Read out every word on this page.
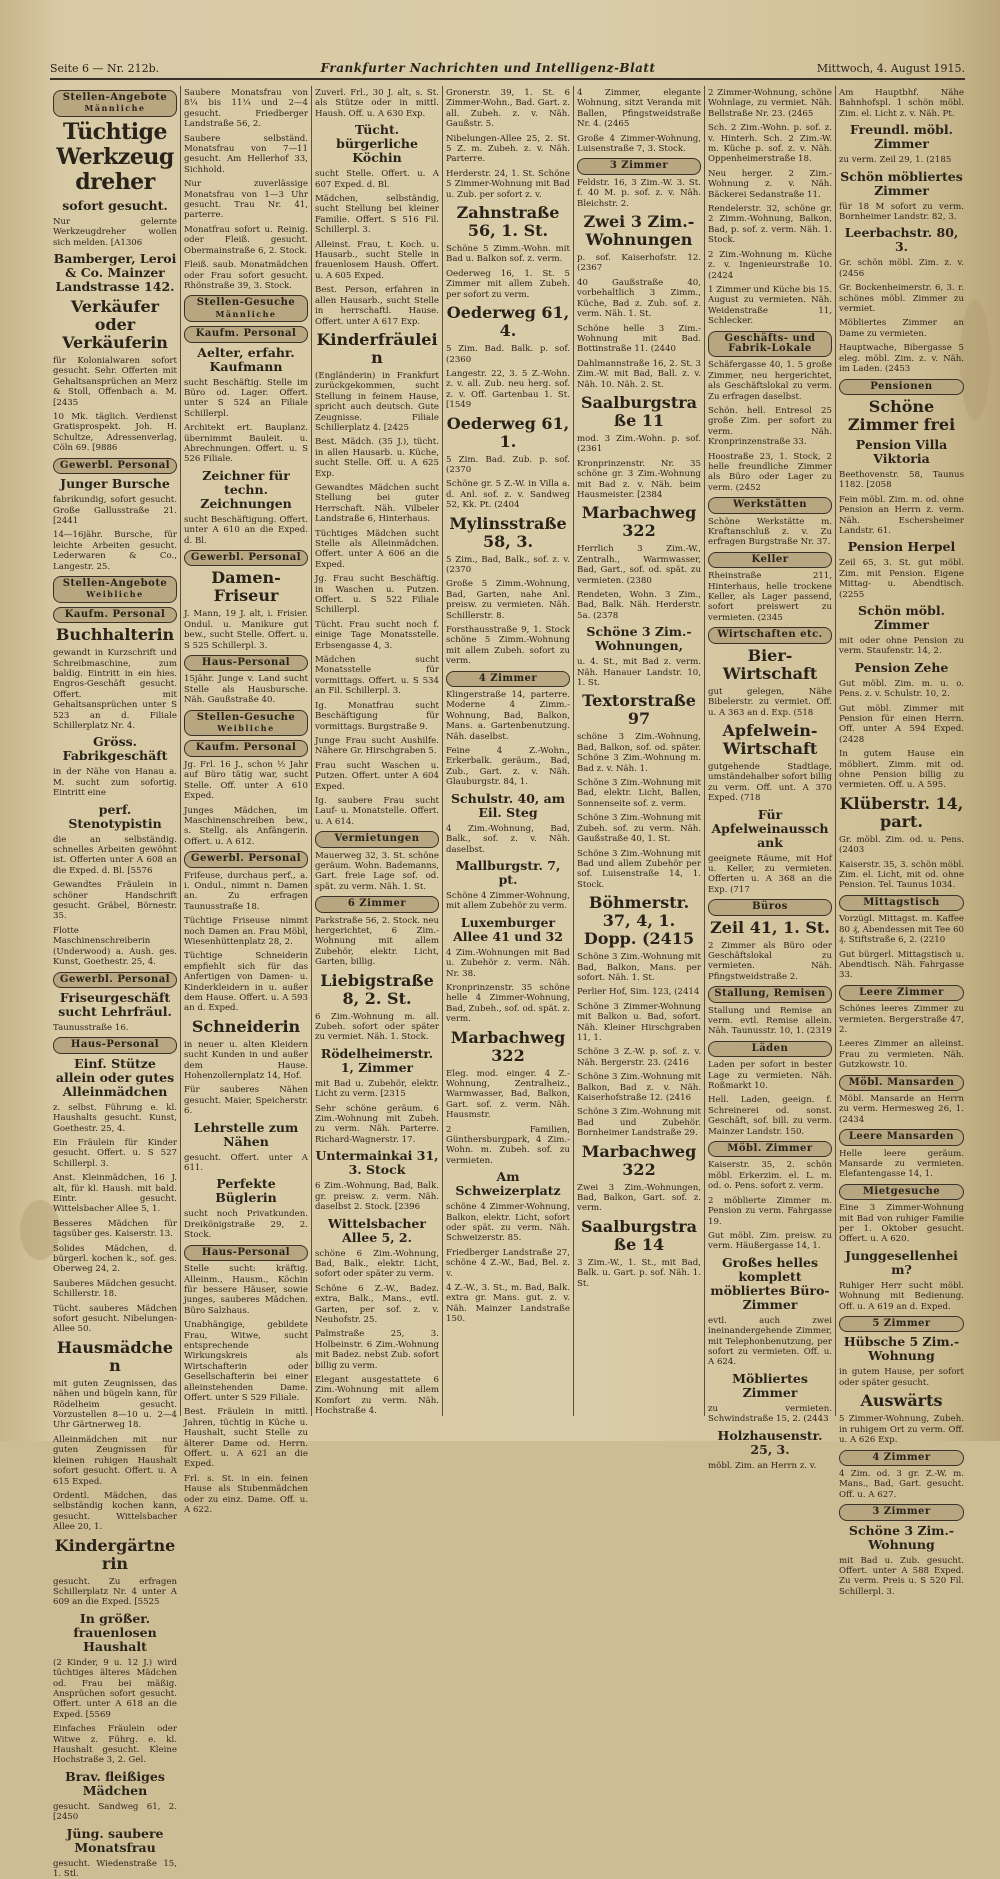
Seite 6 — Nr. 212b.	Frankfurter Nachrichten und Intelligenz-Blatt	Mittwoch, 4. August 1915.
Stellen-Angebote
Männliche
Tüchtige Werkzeugdreher
sofort gesucht.
Nur gelernte Werkzeugdreher wollen sich melden. [A1306
Bamberger, Leroi & Co. Mainzer Landstrasse 142.
Verkäufer oder Verkäuferin
für Kolonialwaren sofort gesucht. Sehr. Offerten mit Gehaltsansprüchen an Merz & Stoll, Offenbach a. M. [2435
10 Mk. täglich. Verdienst Gratisprospekt. Joh. H. Schultze, Adressenverlag, Cöln 69. [9886
Gewerbl. Personal
Junger Bursche
fabrikundig, sofort gesucht. Große Gallusstraße 21. [2441
14—16jähr. Bursche, für leichte Arbeiten gesucht. Lederwaren & Co., Langestr. 25.
Stellen-Angebote
Weibliche
Kaufm. Personal
Buchhalterin
gewandt in Kurzschrift und Schreibmaschine, zum baldig. Eintritt in ein hies. Engros-Geschäft gesucht. Offert. mit Gehaltsansprüchen unter S 523 an d. Filiale Schillerplatz Nr. 4.
Gröss. Fabrikgeschäft
in der Nähe von Hanau a. M. sucht zum sofortig. Eintritt eine
perf. Stenotypistin
die an selbständig. schnelles Arbeiten gewöhnt ist. Offerten unter A 608 an die Exped. d. Bl. [5576
Gewandtes Fräulein in schöner Handschrift gesucht. Gräbel, Börnestr. 35.
Flotte Maschinenschreiberin (Underwood) a. Aush. ges. Kunst, Goethestr. 25, 4.
Gewerbl. Personal
Friseurgeschäft sucht Lehrfräul.
Taunusstraße 16.
Haus-Personal
Einf. Stütze allein oder gutes Alleinmädchen
z. selbst. Führung e. kl. Haushalts gesucht. Kunst, Goethestr. 25, 4.
Ein Fräulein für Kinder gesucht. Offert. u. S 527 Schillerpl. 3.
Anst. Kleinmädchen, 16 J. alt, für kl. Haush. mit bald. Eintr. gesucht. Wittelsbacher Allee 5, 1.
Besseres Mädchen für tagsüber ges. Kaiserstr. 13.
Solides Mädchen, d. bürgerl. kochen k., sof. ges. Oberweg 24, 2.
Sauberes Mädchen gesucht. Schillerstr. 18.
Tücht. sauberes Mädchen sofort gesucht. Nibelungen-Allee 50.
Hausmädchen
mit guten Zeugnissen, das nähen und bügeln kann, für Rödelheim gesucht. Vorzustellen 8—10 u. 2—4 Uhr Gärtnerweg 18.
Alleinmädchen mit nur guten Zeugnissen für kleinen ruhigen Haushalt sofort gesucht. Offert. u. A 615 Exped.
Ordentl. Mädchen, das selbständig kochen kann, gesucht. Wittelsbacher Allee 20, 1.
Kindergärtnerin
gesucht. Zu erfragen Schillerplatz Nr. 4 unter A 609 an die Exped. [5525
In größer. frauenlosen Haushalt
(2 Kinder, 9 u. 12 J.) wird tüchtiges älteres Mädchen od. Frau bei mäßig. Ansprüchen sofort gesucht. Offert. unter A 618 an die Exped. [5569
Einfaches Fräulein oder Witwe z. Führg. e. kl. Haushalt gesucht. Kleine Hochstraße 3, 2. Gel.
Brav. fleißiges Mädchen
gesucht. Sandweg 61, 2. [2450
Jüng. saubere Monatsfrau
gesucht. Wiedenstraße 15, 1. Stl.
Saubere Monatsfrau von 8¼ bis 11¼ und 2—4 gesucht. Friedberger Landstraße 56, 2.
Saubere selbständ. Monatsfrau von 7—11 gesucht. Am Hellerhof 33, Sichhold.
Nur zuverlässige Monatsfrau von 1—3 Uhr gesucht. Trau Nr. 41, parterre.
Monatfrau sofort u. Reinig. oder Fleiß. gesucht. Obermainstraße 6, 2. Stock.
Fleiß. saub. Monatmädchen oder Frau sofort gesucht. Rhönstraße 39, 3. Stock.
Stellen-Gesuche
Männliche
Kaufm. Personal
Aelter, erfahr. Kaufmann
sucht Beschäftig. Stelle im Büro od. Lager. Offert. unter S 524 an Filiale Schillerpl.
Architekt ert. Bauplanz. übernimmt Bauleit. u. Abrechnungen. Offert. u. S 526 Filiale.
Zeichner für techn. Zeichnungen
sucht Beschäftigung. Offert. unter A 610 an die Exped. d. Bl.
Gewerbl. Personal
Damen-Friseur
J. Mann, 19 J. alt, i. Frisier. Ondul. u. Manikure gut bew., sucht Stelle. Offert. u. S 525 Schillerpl. 3.
Haus-Personal
15jähr. Junge v. Land sucht Stelle als Hausbursche. Näh. Gaußstraße 40.
Stellen-Gesuche
Weibliche
Kaufm. Personal
Jg. Frl. 16 J., schon ½ Jahr auf Büro tätig war, sucht Stelle. Off. unter A 610 Exped.
Junges Mädchen, im Maschinenschreiben bew., s. Stellg. als Anfängerin. Offert. u. A 612.
Gewerbl. Personal
Frifeuse, durchaus perf., a. i. Ondul., nimmt n. Damen an. Zu erfragen Taunusstraße 18.
Tüchtige Friseuse nimmt noch Damen an. Frau Möbl, Wiesenhüttenplatz 28, 2.
Tüchtige Schneiderin empfiehlt sich für das Anfertigen von Damen- u. Kinderkleidern in u. außer dem Hause. Offert. u. A 593 an d. Exped.
Schneiderin
in neuer u. alten Kleidern sucht Kunden in und außer dem Hause. Hohenzollernplatz 14, Hof.
Für sauberes Nähen gesucht. Maier, Speicherstr. 6.
Lehrstelle zum Nähen
gesucht. Offert. unter A 611.
Perfekte Büglerin
sucht noch Privatkunden. Dreikönigstraße 29, 2. Stock.
Haus-Personal
Stelle sucht: kräftig. Alleinm., Hausm., Köchin für bessere Häuser, sowie junges, sauberes Mädchen. Büro Salzhaus.
Unabhängige, gebildete Frau, Witwe, sucht entsprechende Wirkungskreis als Wirtschafterin oder Gesellschafterin bei einer alleinstehenden Dame. Offert. unter S 529 Filiale.
Best. Fräulein in mittl. Jahren, tüchtig in Küche u. Haushalt, sucht Stelle zu älterer Dame od. Herrn. Offert. u. A 621 an die Exped.
Frl. s. St. in ein. feinen Hause als Stubenmädchen oder zu einz. Dame. Off. u. A 622.
Zuverl. Frl., 30 J. alt, s. St. als Stütze oder in mittl. Haush. Off. u. A 630 Exp.
Tücht. bürgerliche Köchin
sucht Stelle. Offert. u. A 607 Exped. d. Bl.
Mädchen, selbständig, sucht Stellung bei kleiner Familie. Offert. S 516 Fil. Schillerpl. 3.
Alleinst. Frau, t. Koch. u. Hausarb., sucht Stelle in frauenlosem Haush. Offert. u. A 605 Exped.
Best. Person, erfahren in allen Hausarb., sucht Stelle in herrschaftl. Hause. Offert. unter A 617 Exp.
Kinderfräulein
(Engländerin) in Frankfurt zurückgekommen, sucht Stellung in feinem Hause, spricht auch deutsch. Gute Zeugnisse. Filiale Schillerplatz 4. [2425
Best. Mädch. (35 J.), tücht. in allen Hausarb. u. Küche, sucht Stelle. Off. u. A 625 Exp.
Gewandtes Mädchen sucht Stellung bei guter Herrschaft. Näh. Vilbeler Landstraße 6, Hinterhaus.
Tüchtiges Mädchen sucht Stelle als Alleinmädchen. Offert. unter A 606 an die Exped.
Jg. Frau sucht Beschäftig. in Waschen u. Putzen. Offert. u. S 522 Filiale Schillerpl.
Tücht. Frau sucht noch f. einige Tage Monatsstelle. Erbsengasse 4, 3.
Mädchen sucht Monatsstelle für vormittags. Offert. u. S 534 an Fil. Schillerpl. 3.
Ig. Monatfrau sucht Beschäftigung für vormittags. Burgstraße 9.
Junge Frau sucht Aushilfe. Nähere Gr. Hirschgraben 5.
Frau sucht Waschen u. Putzen. Offert. unter A 604 Exped.
Ig. saubere Frau sucht Lauf- u. Monatstelle. Offert. u. A 614.
Vermietungen
Mauerweg 32, 3. St. schöne geräum. Wohn. Bademanns, Gart. freie Lage sof. od. spät. zu verm. Näh. 1. St.
6 Zimmer
Parkstraße 56, 2. Stock. neu hergerichtet, 6 Zim.-Wohnung mit allem Zubehör, elektr. Licht, Garten, billig.
Liebigstraße 8, 2. St.
6 Zim.-Wohnung m. all. Zubeh. sofort oder später zu vermiet. Näh. 1. Stock.
Rödelheimerstr. 1, Zimmer
mit Bad u. Zubehör, elektr. Licht zu verm. [2315
Sehr schöne geräum. 6 Zim.-Wohnung mit Zubeh. zu verm. Näh. Parterre. Richard-Wagnerstr. 17.
Untermainkai 31, 3. Stock
6 Zim.-Wohnung, Bad, Balk. gr. preisw. z. verm. Näh. daselbst 2. Stock. [2396
Wittelsbacher Allee 5, 2.
schöne 6 Zim.-Wohnung, Bad, Balk., elektr. Licht, sofort oder später zu verm.
Schöne 6 Z.-W., Badez. extra, Balk., Mans., evtl. Garten, per sof. z. v. Neuhofstr. 25.
Palmstraße 25, 3. Holbeinstr. 6 Zim.-Wohnung mit Badez. nebst Zub. sofort billig zu verm.
Elegant ausgestattete 6 Zim.-Wohnung mit allem Komfort zu verm. Näh. Hochstraße 4.
Gronerstr. 39, 1. St. 6 Zimmer-Wohn., Bad. Gart. z. all. Zubeh. z. v. Näh. Gaußstr. 5.
Nibelungen-Allee 25, 2. St. 5 Z. m. Zubeh. z. v. Näh. Parterre.
Herderstr. 24, 1. St. Schöne 5 Zimmer-Wohnung mit Bad u. Zub. per sofort z. v.
Zahnstraße 56, 1. St.
Schöne 5 Zimm.-Wohn. mit Bad u. Balkon sof. z. verm.
Oederweg 16, 1. St. 5 Zimmer mit allem Zubeh. per sofort zu verm.
Oederweg 61, 4.
5 Zim. Bad. Balk. p. sof. (2360
Langestr. 22, 3. 5 Z.-Wohn. z. v. all. Zub. neu herg. sof. z. v. Off. Gartenbau 1. St. [1549
Oederweg 61, 1.
5 Zim. Bad. Zub. p. sof. (2370
Schöne gr. 5 Z.-W. in Villa a. d. Anl. sof. z. v. Sandweg 52, Kk. Pt. (2404
Mylinsstraße 58, 3.
5 Zim., Bad, Balk., sof. z. v. (2370
Große 5 Zimm.-Wohnung, Bad, Garten, nahe Anl. preisw. zu vermieten. Näh. Schillerstr. 8.
Forsthausstraße 9, 1. Stock schöne 5 Zimm.-Wohnung mit allem Zubeh. sofort zu verm.
4 Zimmer
Klingerstraße 14, parterre. Moderne 4 Zimm.-Wohnung, Bad, Balkon, Mans. a. Gartenbenutzung. Näh. daselbst.
Feine 4 Z.-Wohn., Erkerbalk. geräum., Bad, Zub., Gart. z. v. Näh. Glauburgstr. 84, 1.
Schulstr. 40, am Eil. Steg
4 Zim.-Wohnung, Bad, Balk., sof. z. v. Näh. daselbst.
Mallburgstr. 7, pt.
Schöne 4 Zimmer-Wohnung, mit allem Zubehör zu verm.
Luxemburger Allee 41 und 32
4 Zim.-Wohnungen mit Bad u. Zubehör z. verm. Näh. Nr. 38.
Kronprinzenstr. 35 schöne helle 4 Zimmer-Wohnung, Bad, Zubeh., sof. od. spät. z. verm.
Marbachweg 322
Eleg. mod. einger. 4 Z.-Wohnung, Zentralheiz., Warmwasser, Bad, Balkon, Gart. sof. z. verm. Näh. Hausmstr.
2 Familien, Günthersburgpark, 4 Zim.-Wohn. m. Zubeh. sof. zu vermieten.
Am Schweizerplatz
schöne 4 Zimmer-Wohnung, Balkon, elektr. Licht, sofort oder spät. zu verm. Näh. Schweizerstr. 85.
Friedberger Landstraße 27, schöne 4 Z.-W., Bad, Bel. z. v.
4 Z.-W., 3. St., m. Bad, Balk. extra gr. Mans. gut. z. v. Näh. Mainzer Landstraße 150.
4 Zimmer, elegante Wohnung, sitzt Veranda mit Ballen, Pfingstweidstraße Nr. 4. (2465
Große 4 Zimmer-Wohnung, Luisenstraße 7, 3. Stock.
3 Zimmer
Feldstr. 16, 3 Zim.-W. 3. St. f. 40 M. p. sof. z. v. Näh. Bleichstr. 2.
Zwei 3 Zim.-Wohnungen
p. sof. Kaiserhofstr. 12. (2367
40 Gaußstraße 40, vorbehaltlich 3 Zimm., Küche, Bad z. Zub. sof. z. verm. Näh. 1. St.
Schöne helle 3 Zim.-Wohnung mit Bad. Bottinstraße 11. (2440
Dahlmannstraße 16, 2. St. 3 Zim.-W. mit Bad, Ball. z. v. Näh. 10. Näh. 2. St.
Saalburgstraße 11
mod. 3 Zim.-Wohn. p. sof. (2361
Kronprinzenstr. Nr. 35 schöne gr. 3 Zim.-Wohnung mit Bad z. v. Näh. beim Hausmeister. [2384
Marbachweg 322
Herrlich 3 Zim.-W., Zentralh., Warmwasser, Bad, Gart., sof. od. spät. zu vermieten. (2380
Rendeten, Wohn. 3 Zim., Bad, Balk. Näh. Herderstr. 5a. (2378
Schöne 3 Zim.-Wohnungen,
u. 4. St., mit Bad z. verm. Näh. Hanauer Landstr. 10, 1. St.
Textorstraße 97
schöne 3 Zim.-Wohnung, Bad, Balkon, sof. od. später. Schöne 3 Zim.-Wohnung m. Bad z. v. Näh. 1.
Schöne 3 Zim.-Wohnung mit Bad, elektr. Licht, Ballen, Sonnenseite sof. z. verm.
Schöne 3 Zim.-Wohnung mit Zubeh. sof. zu verm. Näh. Gaußstraße 40, 1. St.
Schöne 3 Zim.-Wohnung mit Bad und allem Zubehör per sof. Luisenstraße 14, 1. Stock.
Böhmerstr. 37, 4, 1. Dopp. (2415
Schöne 3 Zim.-Wohnung mit Bad, Balkon, Mans. per sofort. Näh. 1. St.
Perlier Hof, Sim. 123, (2414
Schöne 3 Zimmer-Wohnung mit Balkon u. Bad, sofort. Näh. Kleiner Hirschgraben 11, 1.
Schöne 3 Z.-W. p. sof. z. v. Näh. Bergerstr. 23. (2416
Schöne 3 Zim.-Wohnung mit Balkon, Bad z. v. Näh. Kaiserhofstraße 12. (2416
Schöne 3 Zim.-Wohnung mit Bad und Zubehör. Bornheimer Landstraße 29.
Marbachweg 322
Zwei 3 Zim.-Wohnungen, Bad, Balkon, Gart. sof. z. verm.
Saalburgstraße 14
3 Zim.-W., 1. St., mit Bad, Balk. u. Gart. p. sof. Näh. 1. St.
2 Zimmer-Wohnung, schöne Wohnlage, zu vermiet. Näh. Bellstraße Nr. 23. (2465
Sch. 2 Zim.-Wohn. p. sof. z. v. Hinterh. Sch. 2 Zim.-W. m. Küche p. sof. z. v. Näh. Oppenheimerstraße 18.
Neu herger. 2 Zim.-Wohnung z. v. Näh. Bäckerei Sedanstraße 11.
Rendelerstr. 32, schöne gr. 2 Zimm.-Wohnung, Balkon, Bad, p. sof. z. verm. Näh. 1. Stock.
2 Zim.-Wohnung m. Küche z. v. Ingenieurstraße 10. (2424
1 Zimmer und Küche bis 15. August zu vermieten. Näh. Weidenstraße 11, Schlecker.
Geschäfts- und Fabrik-Lokale
Schäfergasse 40, 1. 5 große Zimmer, neu hergerichtet, als Geschäftslokal zu verm. Zu erfragen daselbst.
Schön. hell. Entresol 25 große Zim. per sofort zu verm. Näh. Kronprinzenstraße 33.
Hoostraße 23, 1. Stock, 2 helle freundliche Zimmer als Büro oder Lager zu verm. (2452
Werkstätten
Schöne Werkstätte m. Kraftanschluß z. v. Zu erfragen Burgstraße Nr. 37.
Keller
Rheinstraße 211, Hinterhaus, helle trockene Keller, als Lager passend, sofort preiswert zu vermieten. (2345
Wirtschaften etc.
Bier-Wirtschaft
gut gelegen, Nähe Bibelerstr. zu vermiet. Off. u. A 363 an d. Exp. (518
Apfelwein-Wirtschaft
gutgehende Stadtlage, umständehalber sofort billig zu verm. Off. unt. A 370 Exped. (718
Für Apfelweinausschank
geeignete Räume, mit Hof u. Keller, zu vermieten. Offerten u. A 368 an die Exp. (717
Büros
Zeil 41, 1. St.
2 Zimmer als Büro oder Geschäftslokal zu vermieten. Näh. Pfingstweidstraße 2.
Stallung, Remisen
Stallung und Remise an verm. evtl. Remise allein. Näh. Taunusstr. 10, 1. (2319
Läden
Laden per sofort in bester Lage zu vermieten. Näh. Roßmarkt 10.
Hell. Laden, geeign. f. Schreinerei od. sonst. Geschäft, sof. bill. zu verm. Mainzer Landstr. 150.
Möbl. Zimmer
Kaiserstr. 35, 2. schön möbl. Erkerzim. el. L. m. od. o. Pens. sofort z. verm.
2 möblierte Zimmer m. Pension zu verm. Fahrgasse 19.
Gut möbl. Zim. preisw. zu verm. Häußergasse 14, 1.
Großes helles komplett möbliertes Büro-Zimmer
evtl. auch zwei ineinandergehende Zimmer, mit Telephonbenutzung, per sofort zu vermieten. Off. u. A 624.
Möbliertes Zimmer
zu vermieten. Schwindstraße 15, 2. (2443
Holzhausenstr. 25, 3.
möbl. Zim. an Herrn z. v.
Am Hauptbhf. Nähe Bahnhofspl. 1 schön möbl. Zim. el. Licht z. v. Näh. Pt.
Freundl. möbl. Zimmer
zu verm. Zeil 29, 1. (2185
Schön möbliertes Zimmer
für 18 M sofort zu verm. Bornheimer Landstr. 82, 3.
Leerbachstr. 80, 3.
Gr. schön möbl. Zim. z. v. (2456
Gr. Bockenheimerstr. 6, 3. r. schönes möbl. Zimmer zu vermiet.
Möbliertes Zimmer an Dame zu vermieten.
Hauptwache, Bibergasse 5 eleg. möbl. Zim. z. v. Näh. im Laden. (2453
Pensionen
Schöne Zimmer frei
Pension Villa Viktoria
Beethovenstr. 58, Taunus 1182. [2058
Fein möbl. Zim. m. od. ohne Pension an Herrn z. verm. Näh. Eschersheimer Landstr. 61.
Pension Herpel
Zeil 65, 3. St. gut möbl. Zim. mit Pension. Eigene Mittag- u. Abendtisch. (2255
Schön möbl. Zimmer
mit oder ohne Pension zu verm. Staufenstr. 14, 2.
Pension Zehe
Gut möbl. Zim. m. u. o. Pens. z. v. Schulstr. 10, 2.
Gut möbl. Zimmer mit Pension für einen Herrn. Off. unter A 594 Exped. (2428
In gutem Hause ein möbliert. Zimm. mit od. ohne Pension billig zu vermieten. Off. u. A 595.
Klüberstr. 14, part.
Gr. möbl. Zim. od. u. Pens. (2403
Kaiserstr. 35, 3. schön möbl. Zim. el. Licht, mit od. ohne Pension. Tel. Taunus 1034.
Mittagstisch
Vorzügl. Mittagst. m. Kaffee 80 ₰, Abendessen mit Tee 60 ₰. Stiftstraße 6, 2. (2210
Gut bürgerl. Mittagstisch u. Abendtisch. Näh. Fahrgasse 33.
Leere Zimmer
Schönes leeres Zimmer zu vermieten. Bergerstraße 47, 2.
Leeres Zimmer an alleinst. Frau zu vermieten. Näh. Gutzkowstr. 10.
Möbl. Mansarden
Möbl. Mansarde an Herrn zu verm. Hermesweg 26, 1. (2434
Leere Mansarden
Helle leere geräum. Mansarde zu vermieten. Elefantengasse 14, 1.
Mietgesuche
Eine 3 Zimmer-Wohnung mit Bad von ruhiger Familie per 1. Oktober gesucht. Offert. u. A 620.
Junggesellenheim?
Ruhiger Herr sucht möbl. Wohnung mit Bedienung. Off. u. A 619 an d. Exped.
5 Zimmer
Hübsche 5 Zim.-Wohnung
in gutem Hause, per sofort oder später gesucht.
Auswärts
5 Zimmer-Wohnung, Zubeh. in ruhigem Ort zu verm. Off. u. A 626 Exp.
4 Zimmer
4 Zim. od. 3 gr. Z.-W. m. Mans., Bad, Gart. gesucht. Off. u. A 627.
3 Zimmer
Schöne 3 Zim.-Wohnung
mit Bad u. Zub. gesucht. Offert. unter A 588 Exped. Zu verm. Preis u. S 520 Fil. Schillerpl. 3.
